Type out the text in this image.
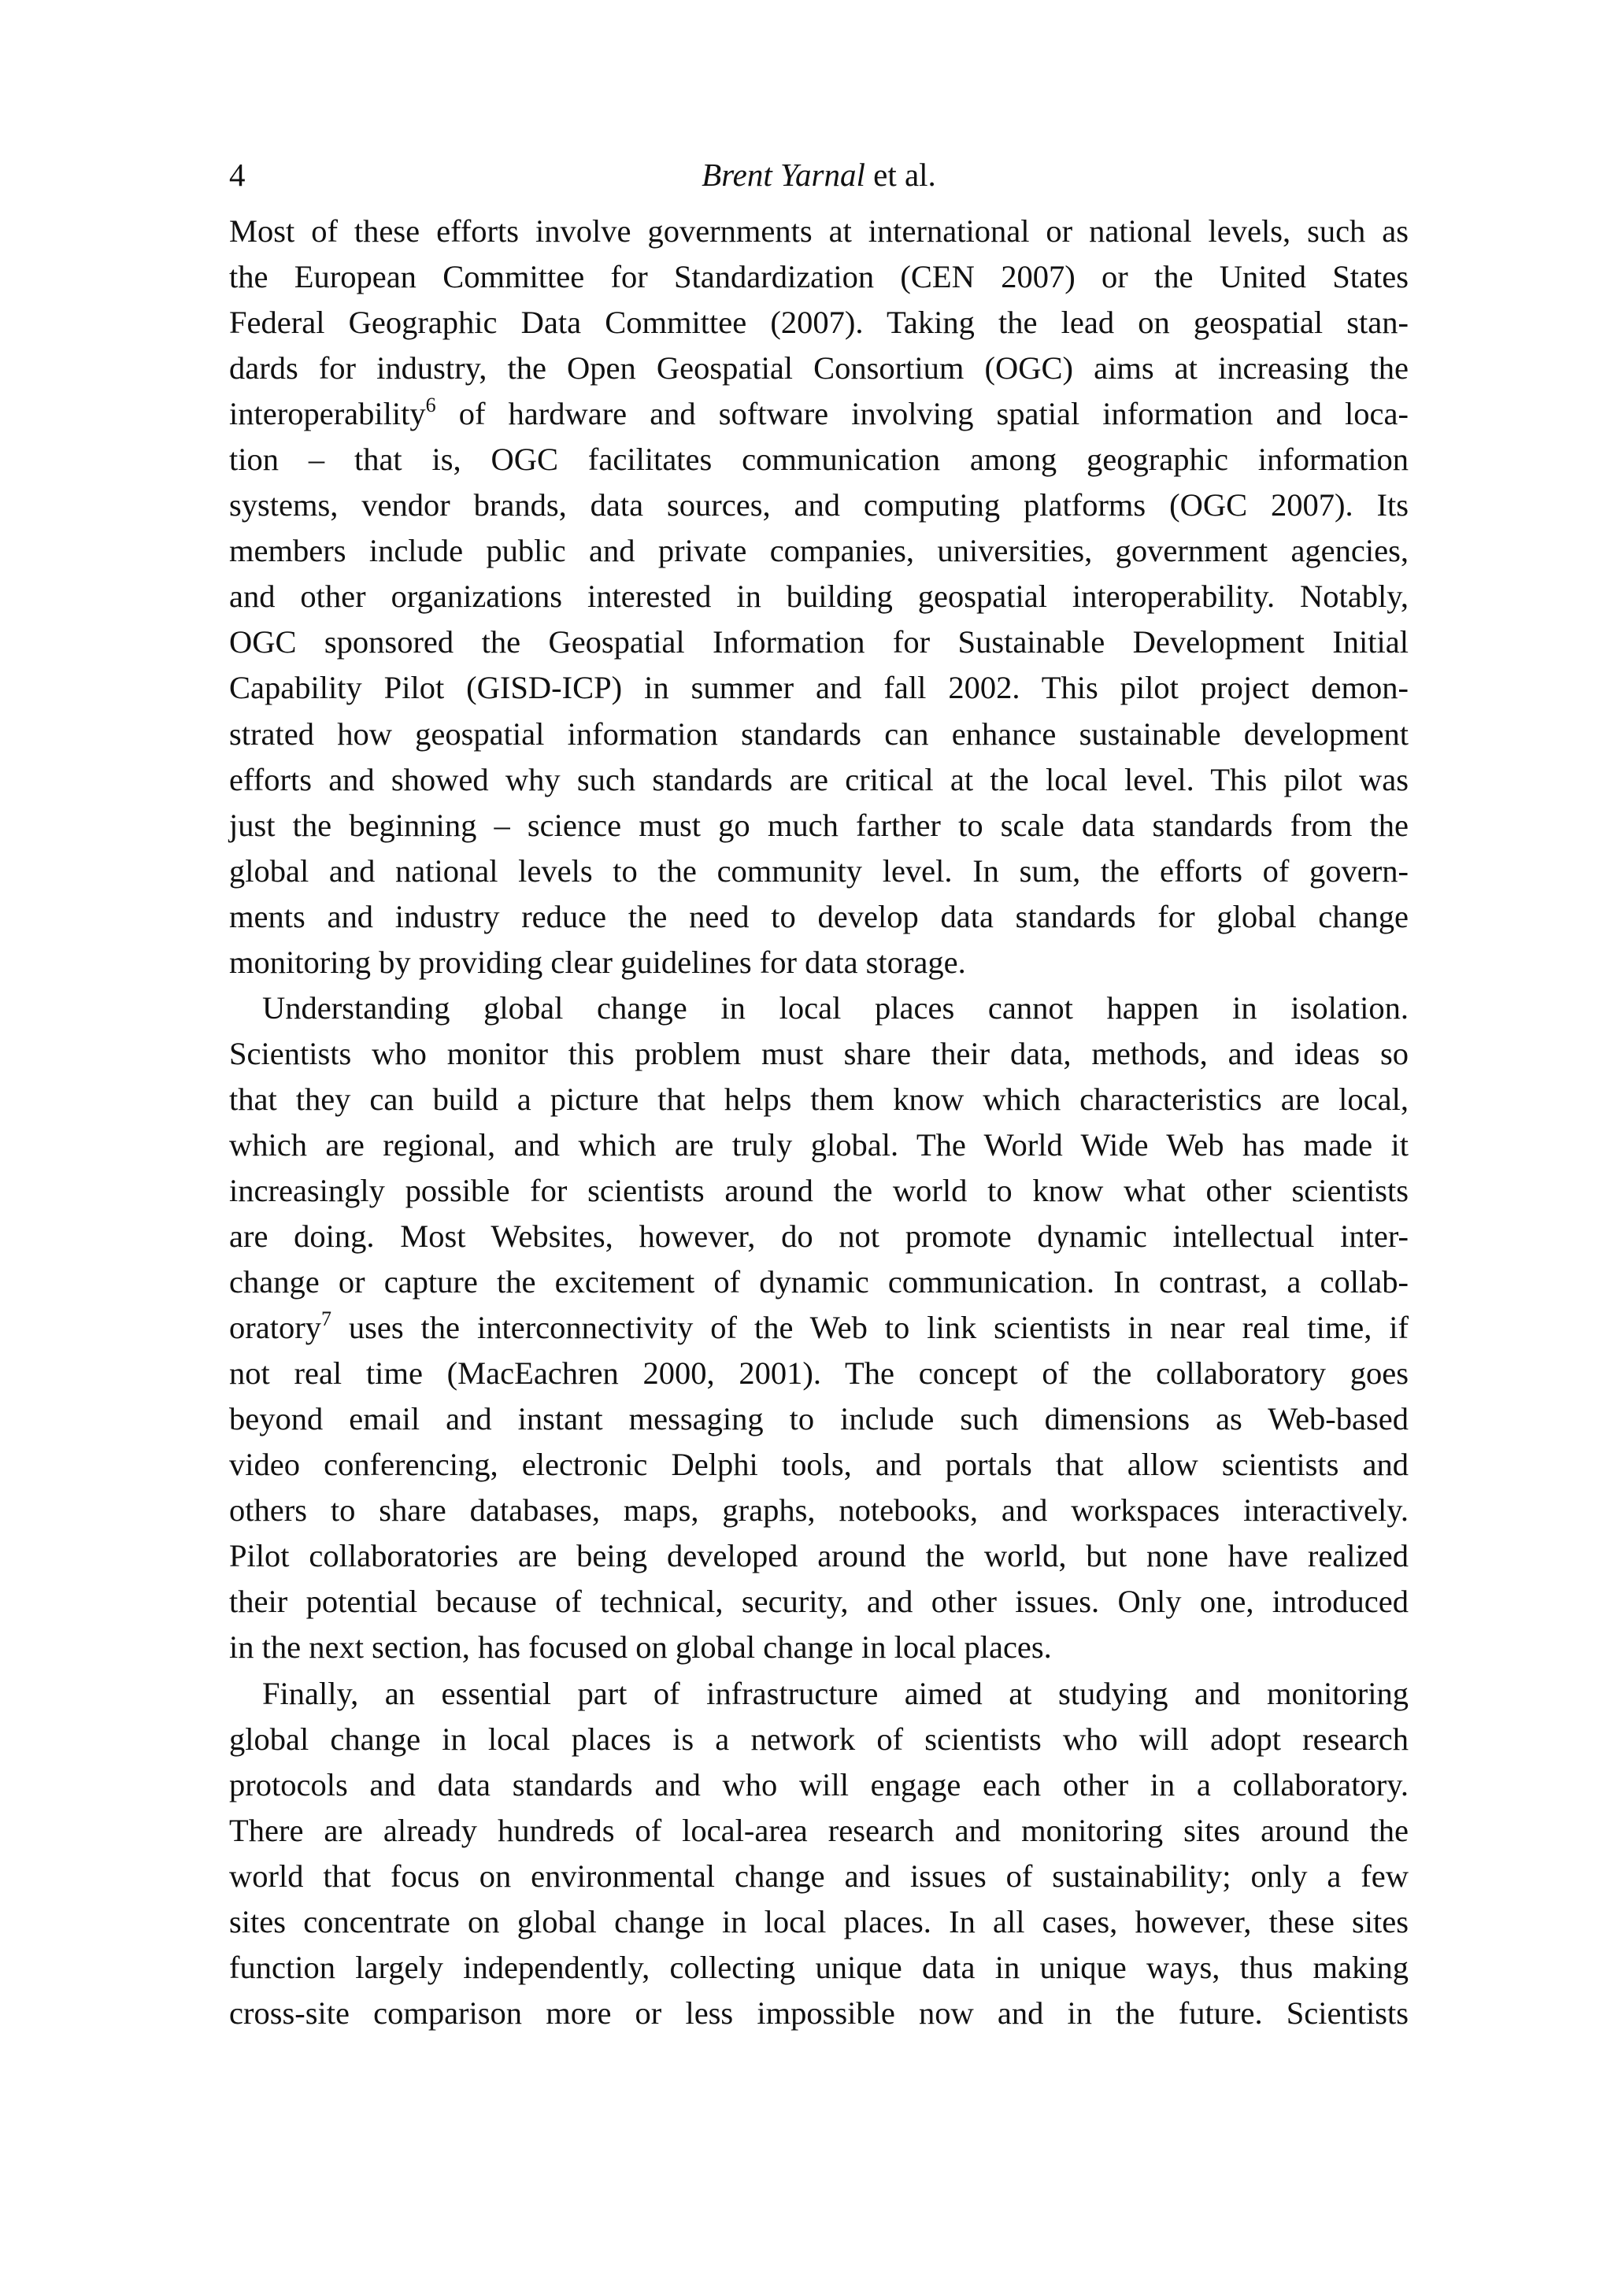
4	Brent Yarnal et al.
Most of these efforts involve governments at international or national levels, such as
the European Committee for Standardization (CEN 2007) or the United States
Federal Geographic Data Committee (2007). Taking the lead on geospatial stan-
dards for industry, the Open Geospatial Consortium (OGC) aims at increasing the
interoperability$^6$ of hardware and software involving spatial information and loca-
tion – that is, OGC facilitates communication among geographic information
systems, vendor brands, data sources, and computing platforms (OGC 2007). Its
members include public and private companies, universities, government agencies,
and other organizations interested in building geospatial interoperability. Notably,
OGC sponsored the Geospatial Information for Sustainable Development Initial
Capability Pilot (GISD-ICP) in summer and fall 2002. This pilot project demon-
strated how geospatial information standards can enhance sustainable development
efforts and showed why such standards are critical at the local level. This pilot was
just the beginning – science must go much farther to scale data standards from the
global and national levels to the community level. In sum, the efforts of govern-
ments and industry reduce the need to develop data standards for global change
monitoring by providing clear guidelines for data storage.
Understanding global change in local places cannot happen in isolation.
Scientists who monitor this problem must share their data, methods, and ideas so
that they can build a picture that helps them know which characteristics are local,
which are regional, and which are truly global. The World Wide Web has made it
increasingly possible for scientists around the world to know what other scientists
are doing. Most Websites, however, do not promote dynamic intellectual inter-
change or capture the excitement of dynamic communication. In contrast, a collab-
oratory$^7$ uses the interconnectivity of the Web to link scientists in near real time, if
not real time (MacEachren 2000, 2001). The concept of the collaboratory goes
beyond email and instant messaging to include such dimensions as Web-based
video conferencing, electronic Delphi tools, and portals that allow scientists and
others to share databases, maps, graphs, notebooks, and workspaces interactively.
Pilot collaboratories are being developed around the world, but none have realized
their potential because of technical, security, and other issues. Only one, introduced
in the next section, has focused on global change in local places.
Finally, an essential part of infrastructure aimed at studying and monitoring
global change in local places is a network of scientists who will adopt research
protocols and data standards and who will engage each other in a collaboratory.
There are already hundreds of local-area research and monitoring sites around the
world that focus on environmental change and issues of sustainability; only a few
sites concentrate on global change in local places. In all cases, however, these sites
function largely independently, collecting unique data in unique ways, thus making
cross-site comparison more or less impossible now and in the future. Scientists
